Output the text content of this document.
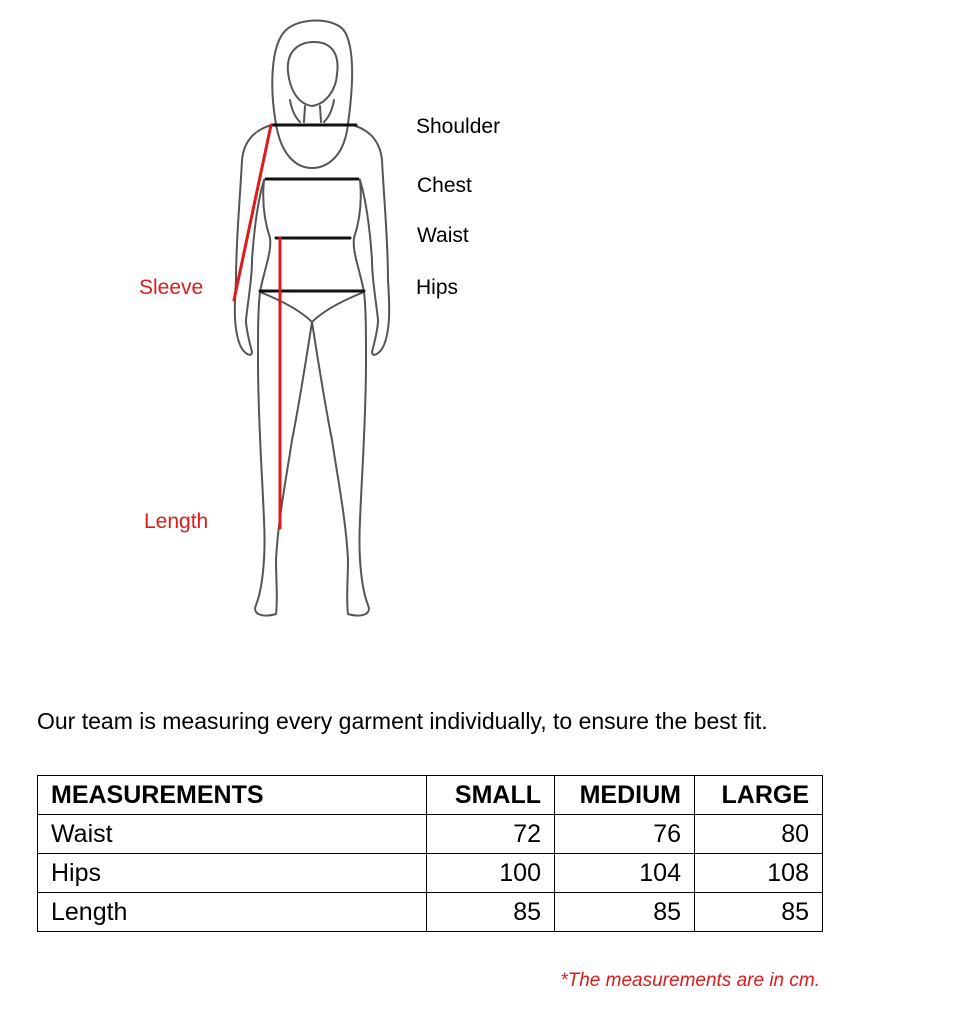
Shoulder
Chest
Waist
Hips
Sleeve
Length
Our team is measuring every garment individually, to ensure the best fit.
MEASUREMENTS	SMALL	MEDIUM	LARGE
Waist	72	76	80
Hips	100	104	108
Length	85	85	85
*The measurements are in cm.
